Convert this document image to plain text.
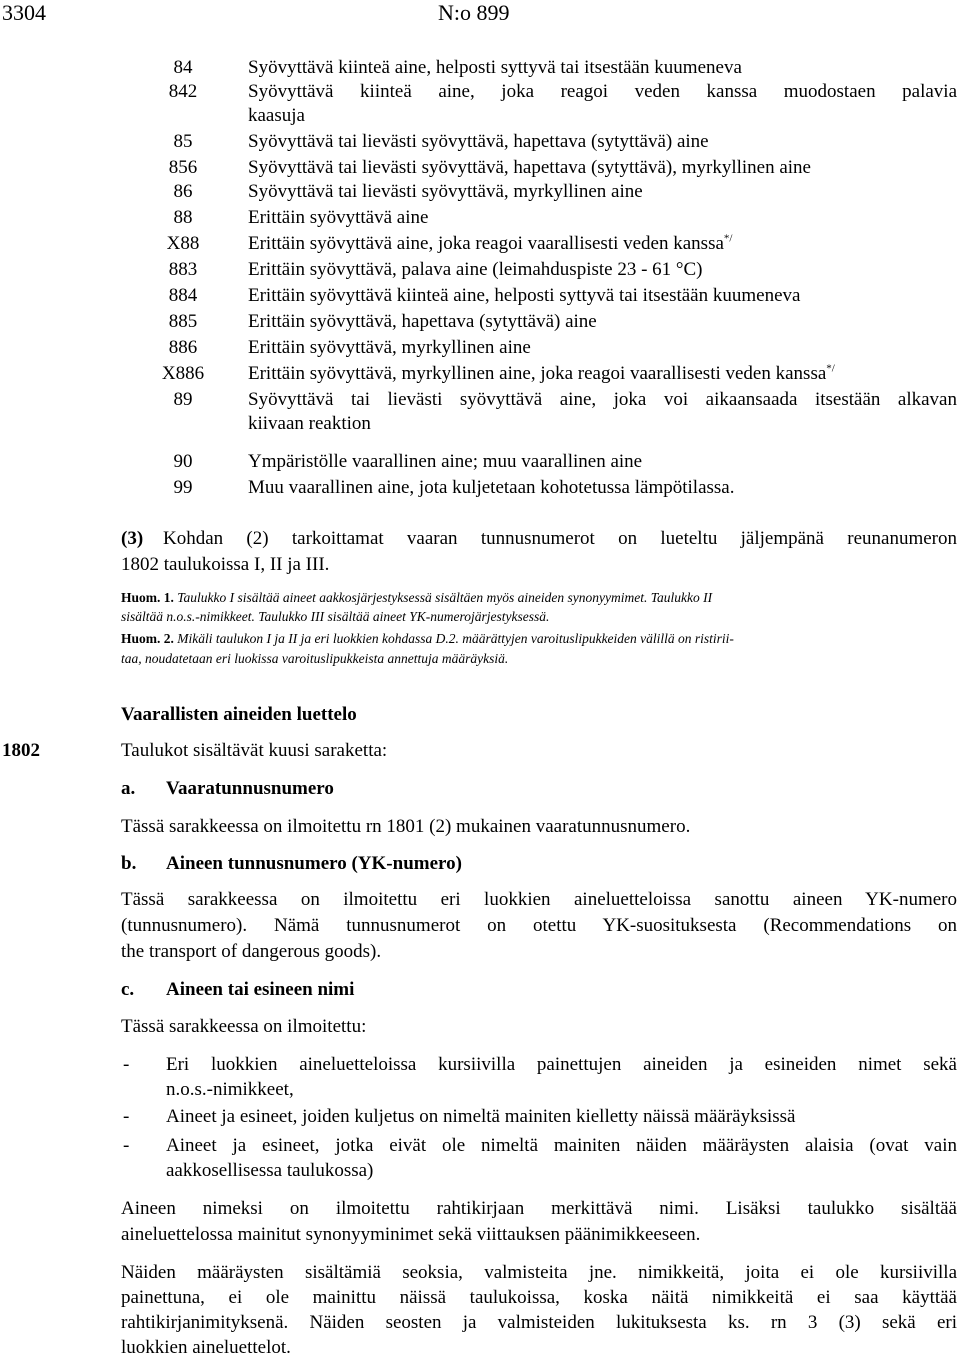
3304	N:o 899
84	Syövyttävä kiinteä aine, helposti syttyvä tai itsestään kuumeneva
842	Syövyttävä kiinteä aine, joka reagoi veden kanssa muodostaen palavia
kaasuja
85	Syövyttävä tai lievästi syövyttävä, hapettava (sytyttävä) aine
856	Syövyttävä tai lievästi syövyttävä, hapettava (sytyttävä), myrkyllinen aine
86	Syövyttävä tai lievästi syövyttävä, myrkyllinen aine
88	Erittäin syövyttävä aine
X88	Erittäin syövyttävä aine, joka reagoi vaarallisesti veden kanssa*/
883	Erittäin syövyttävä, palava aine (leimahduspiste 23 - 61 °C)
884	Erittäin syövyttävä kiinteä aine, helposti syttyvä tai itsestään kuumeneva
885	Erittäin syövyttävä, hapettava (sytyttävä) aine
886	Erittäin syövyttävä, myrkyllinen aine
X886 Erittäin syövyttävä, myrkyllinen aine, joka reagoi vaarallisesti veden kanssa*/
89	Syövyttävä tai lievästi syövyttävä aine, joka voi aikaansaada itsestään alkavan
kiivaan reaktion
90	Ympäristölle vaarallinen aine; muu vaarallinen aine
99	Muu vaarallinen aine, jota kuljetetaan kohotetussa lämpötilassa.
(3) Kohdan (2) tarkoittamat vaaran tunnusnumerot on lueteltu jäljempänä reunanumeron
1802 taulukoissa I, II ja III.
Huom. 1. Taulukko I sisältää aineet aakkosjärjestyksessä sisältäen myös aineiden synonyymimet. Taulukko II
sisältää n.o.s.-nimikkeet. Taulukko III sisältää aineet YK-numerojärjestyksessä.
Huom. 2. Mikäli taulukon I ja II ja eri luokkien kohdassa D.2. määrättyjen varoituslipukkeiden välillä on ristirii-
taa, noudatetaan eri luokissa varoituslipukkeista annettuja määräyksiä.
Vaarallisten aineiden luettelo
1802	Taulukot sisältävät kuusi saraketta:
a. Vaaratunnusnumero
Tässä sarakkeessa on ilmoitettu rn 1801 (2) mukainen vaaratunnusnumero.
b. Aineen tunnusnumero (YK-numero)
Tässä sarakkeessa on ilmoitettu eri luokkien aineluetteloissa sanottu aineen YK-numero
(tunnusnumero). Nämä tunnusnumerot on otettu YK-suosituksesta (Recommendations on
the transport of dangerous goods).
c. Aineen tai esineen nimi
Tässä sarakkeessa on ilmoitettu:
- Eri luokkien aineluetteloissa kursiivilla painettujen aineiden ja esineiden nimet sekä
n.o.s.-nimikkeet,
- Aineet ja esineet, joiden kuljetus on nimeltä mainiten kielletty näissä määräyksissä
- Aineet ja esineet, jotka eivät ole nimeltä mainiten näiden määräysten alaisia (ovat vain
aakkosellisessa taulukossa)
Aineen nimeksi on ilmoitettu rahtikirjaan merkittävä nimi. Lisäksi taulukko sisältää
aineluettelossa mainitut synonyyminimet sekä viittauksen päänimikkeeseen.
Näiden määräysten sisältämiä seoksia, valmisteita jne. nimikkeitä, joita ei ole kursiivilla
painettuna, ei ole mainittu näissä taulukoissa, koska näitä nimikkeitä ei saa käyttää
rahtikirjanimityksenä. Näiden seosten ja valmisteiden lukituksesta ks. rn 3 (3) sekä eri
luokkien aineluettelot.
